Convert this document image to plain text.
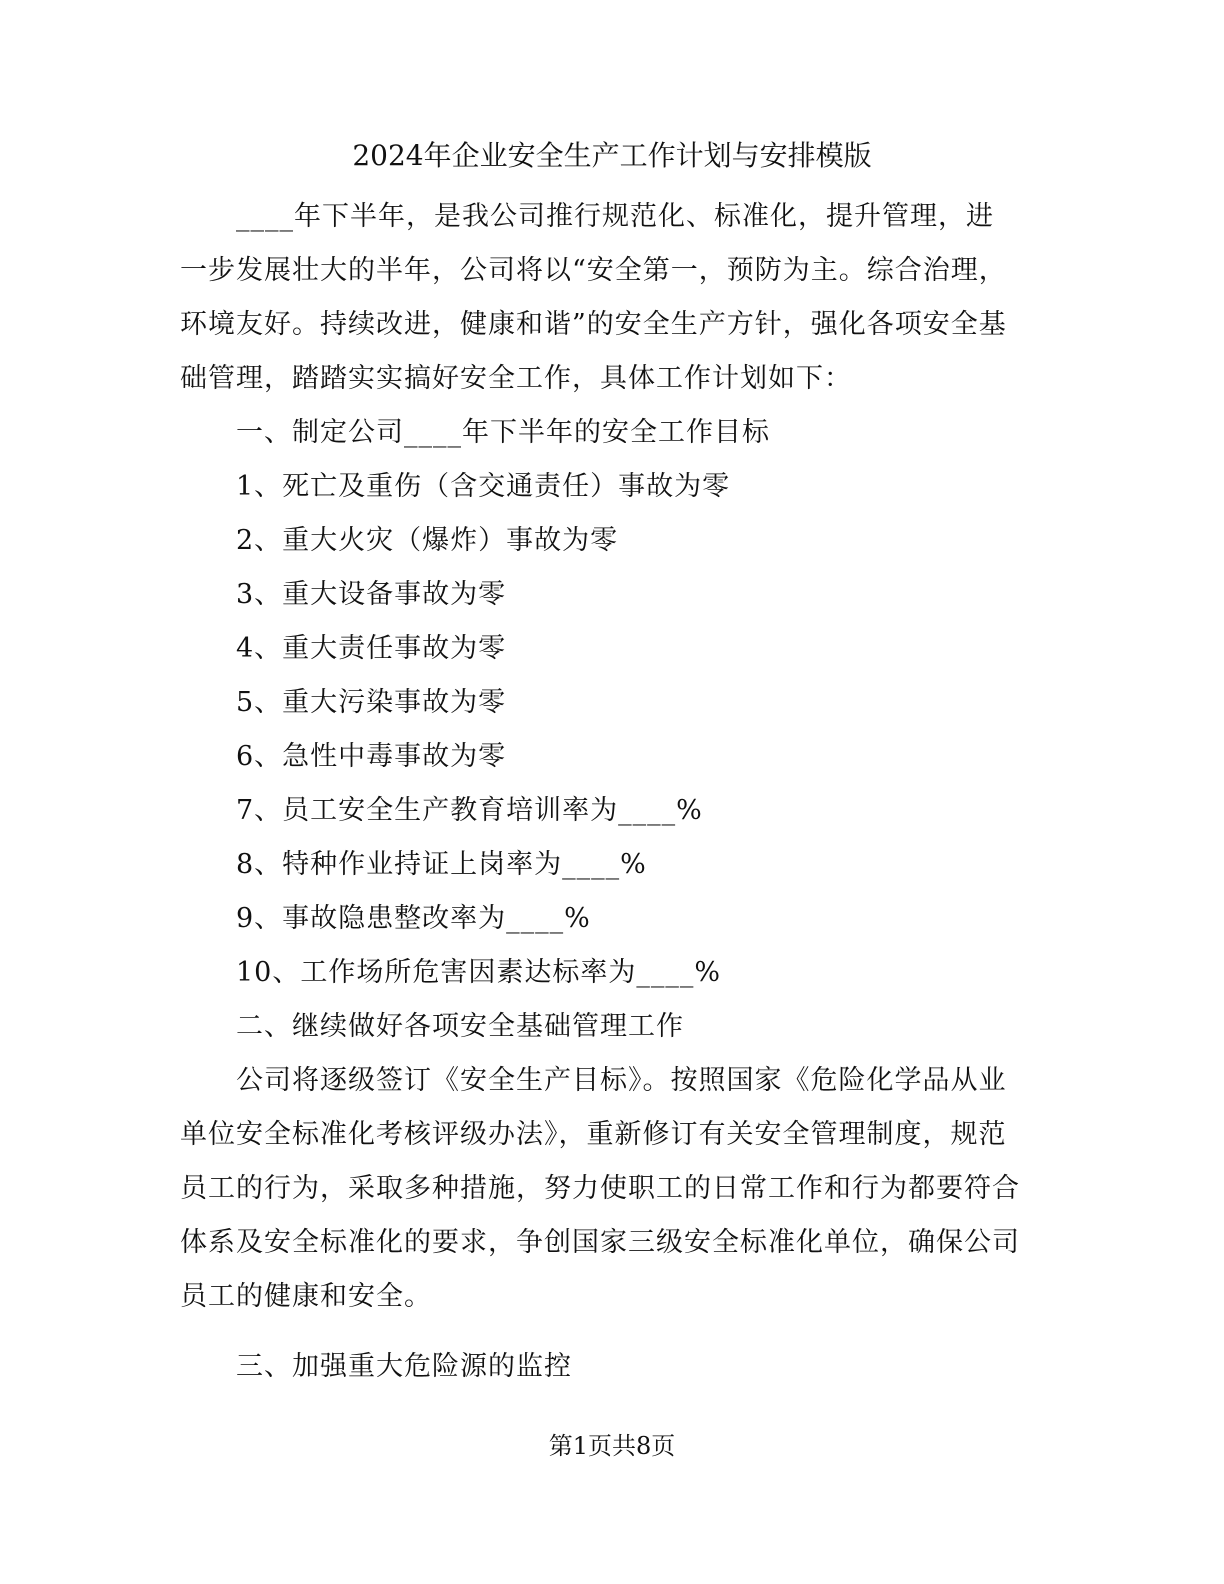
2024年企业安全生产工作计划与安排模版

____年下半年，是我公司推行规范化、标准化，提升管理，进一步发展壮大的半年，公司将以“安全第一，预防为主。综合治理，环境友好。持续改进，健康和谐”的安全生产方针，强化各项安全基础管理，踏踏实实搞好安全工作，具体工作计划如下：

一、制定公司____年下半年的安全工作目标

1、死亡及重伤（含交通责任）事故为零

2、重大火灾（爆炸）事故为零

3、重大设备事故为零

4、重大责任事故为零

5、重大污染事故为零

6、急性中毒事故为零

7、员工安全生产教育培训率为____%

8、特种作业持证上岗率为____%

9、事故隐患整改率为____%

10、工作场所危害因素达标率为____%

二、继续做好各项安全基础管理工作

公司将逐级签订《安全生产目标》。按照国家《危险化学品从业单位安全标准化考核评级办法》，重新修订有关安全管理制度，规范员工的行为，采取多种措施，努力使职工的日常工作和行为都要符合体系及安全标准化的要求，争创国家三级安全标准化单位，确保公司员工的健康和安全。

三、加强重大危险源的监控

第1页共8页
